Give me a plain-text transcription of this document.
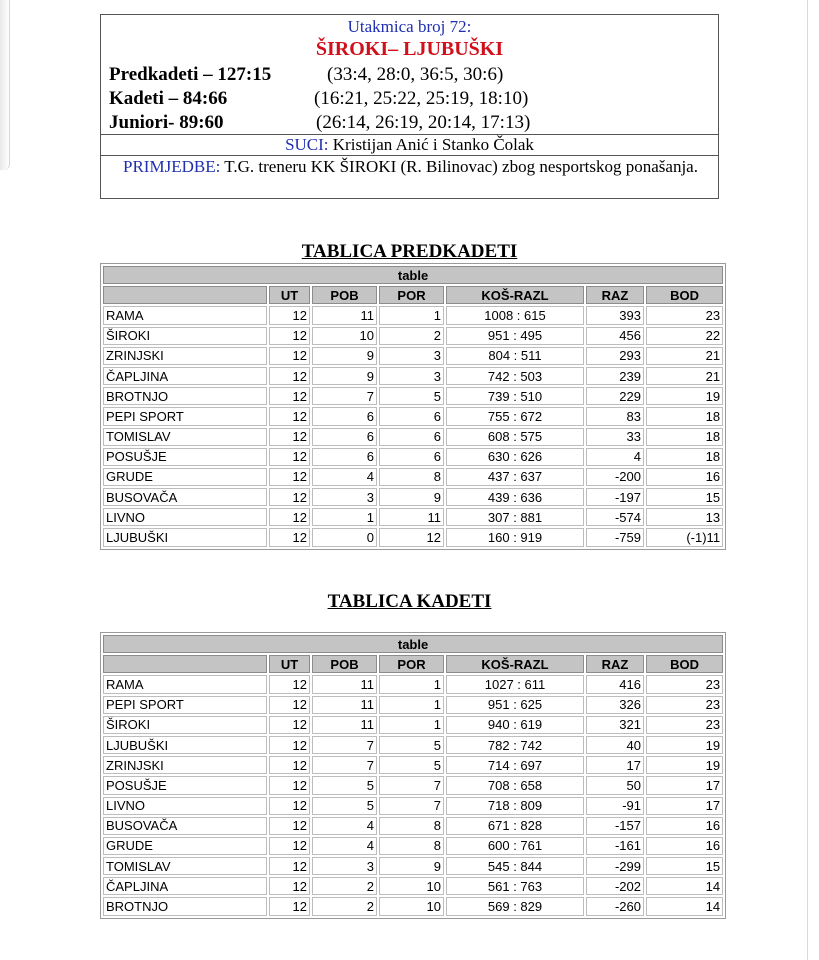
Utakmica broj 72:
ŠIROKI– LJUBUŠKI
Predkadeti – 127:15	(33:4, 28:0, 36:5, 30:6)
Kadeti – 84:66	(16:21, 25:22, 25:19, 18:10)
Juniori- 89:60	(26:14, 26:19, 20:14, 17:13)
SUCI: Kristijan Anić i Stanko Čolak
PRIMJEDBE: T.G. treneru KK ŠIROKI (R. Bilinovac) zbog nesportskog ponašanja.
TABLICA PREDKADETI
table						
	UT	POB	POR	KOŠ-RAZL	RAZ	BOD
RAMA	12	11	1	1008 : 615	393	23
ŠIROKI	12	10	2	951 : 495	456	22
ZRINJSKI	12	9	3	804 : 511	293	21
ČAPLJINA	12	9	3	742 : 503	239	21
BROTNJO	12	7	5	739 : 510	229	19
PEPI SPORT	12	6	6	755 : 672	83	18
TOMISLAV	12	6	6	608 : 575	33	18
POSUŠJE	12	6	6	630 : 626	4	18
GRUDE	12	4	8	437 : 637	-200	16
BUSOVAČA	12	3	9	439 : 636	-197	15
LIVNO	12	1	11	307 : 881	-574	13
LJUBUŠKI	12	0	12	160 : 919	-759	(-1)11
TABLICA KADETI
table						
	UT	POB	POR	KOŠ-RAZL	RAZ	BOD
RAMA	12	11	1	1027 : 611	416	23
PEPI SPORT	12	11	1	951 : 625	326	23
ŠIROKI	12	11	1	940 : 619	321	23
LJUBUŠKI	12	7	5	782 : 742	40	19
ZRINJSKI	12	7	5	714 : 697	17	19
POSUŠJE	12	5	7	708 : 658	50	17
LIVNO	12	5	7	718 : 809	-91	17
BUSOVAČA	12	4	8	671 : 828	-157	16
GRUDE	12	4	8	600 : 761	-161	16
TOMISLAV	12	3	9	545 : 844	-299	15
ČAPLJINA	12	2	10	561 : 763	-202	14
BROTNJO	12	2	10	569 : 829	-260	14
